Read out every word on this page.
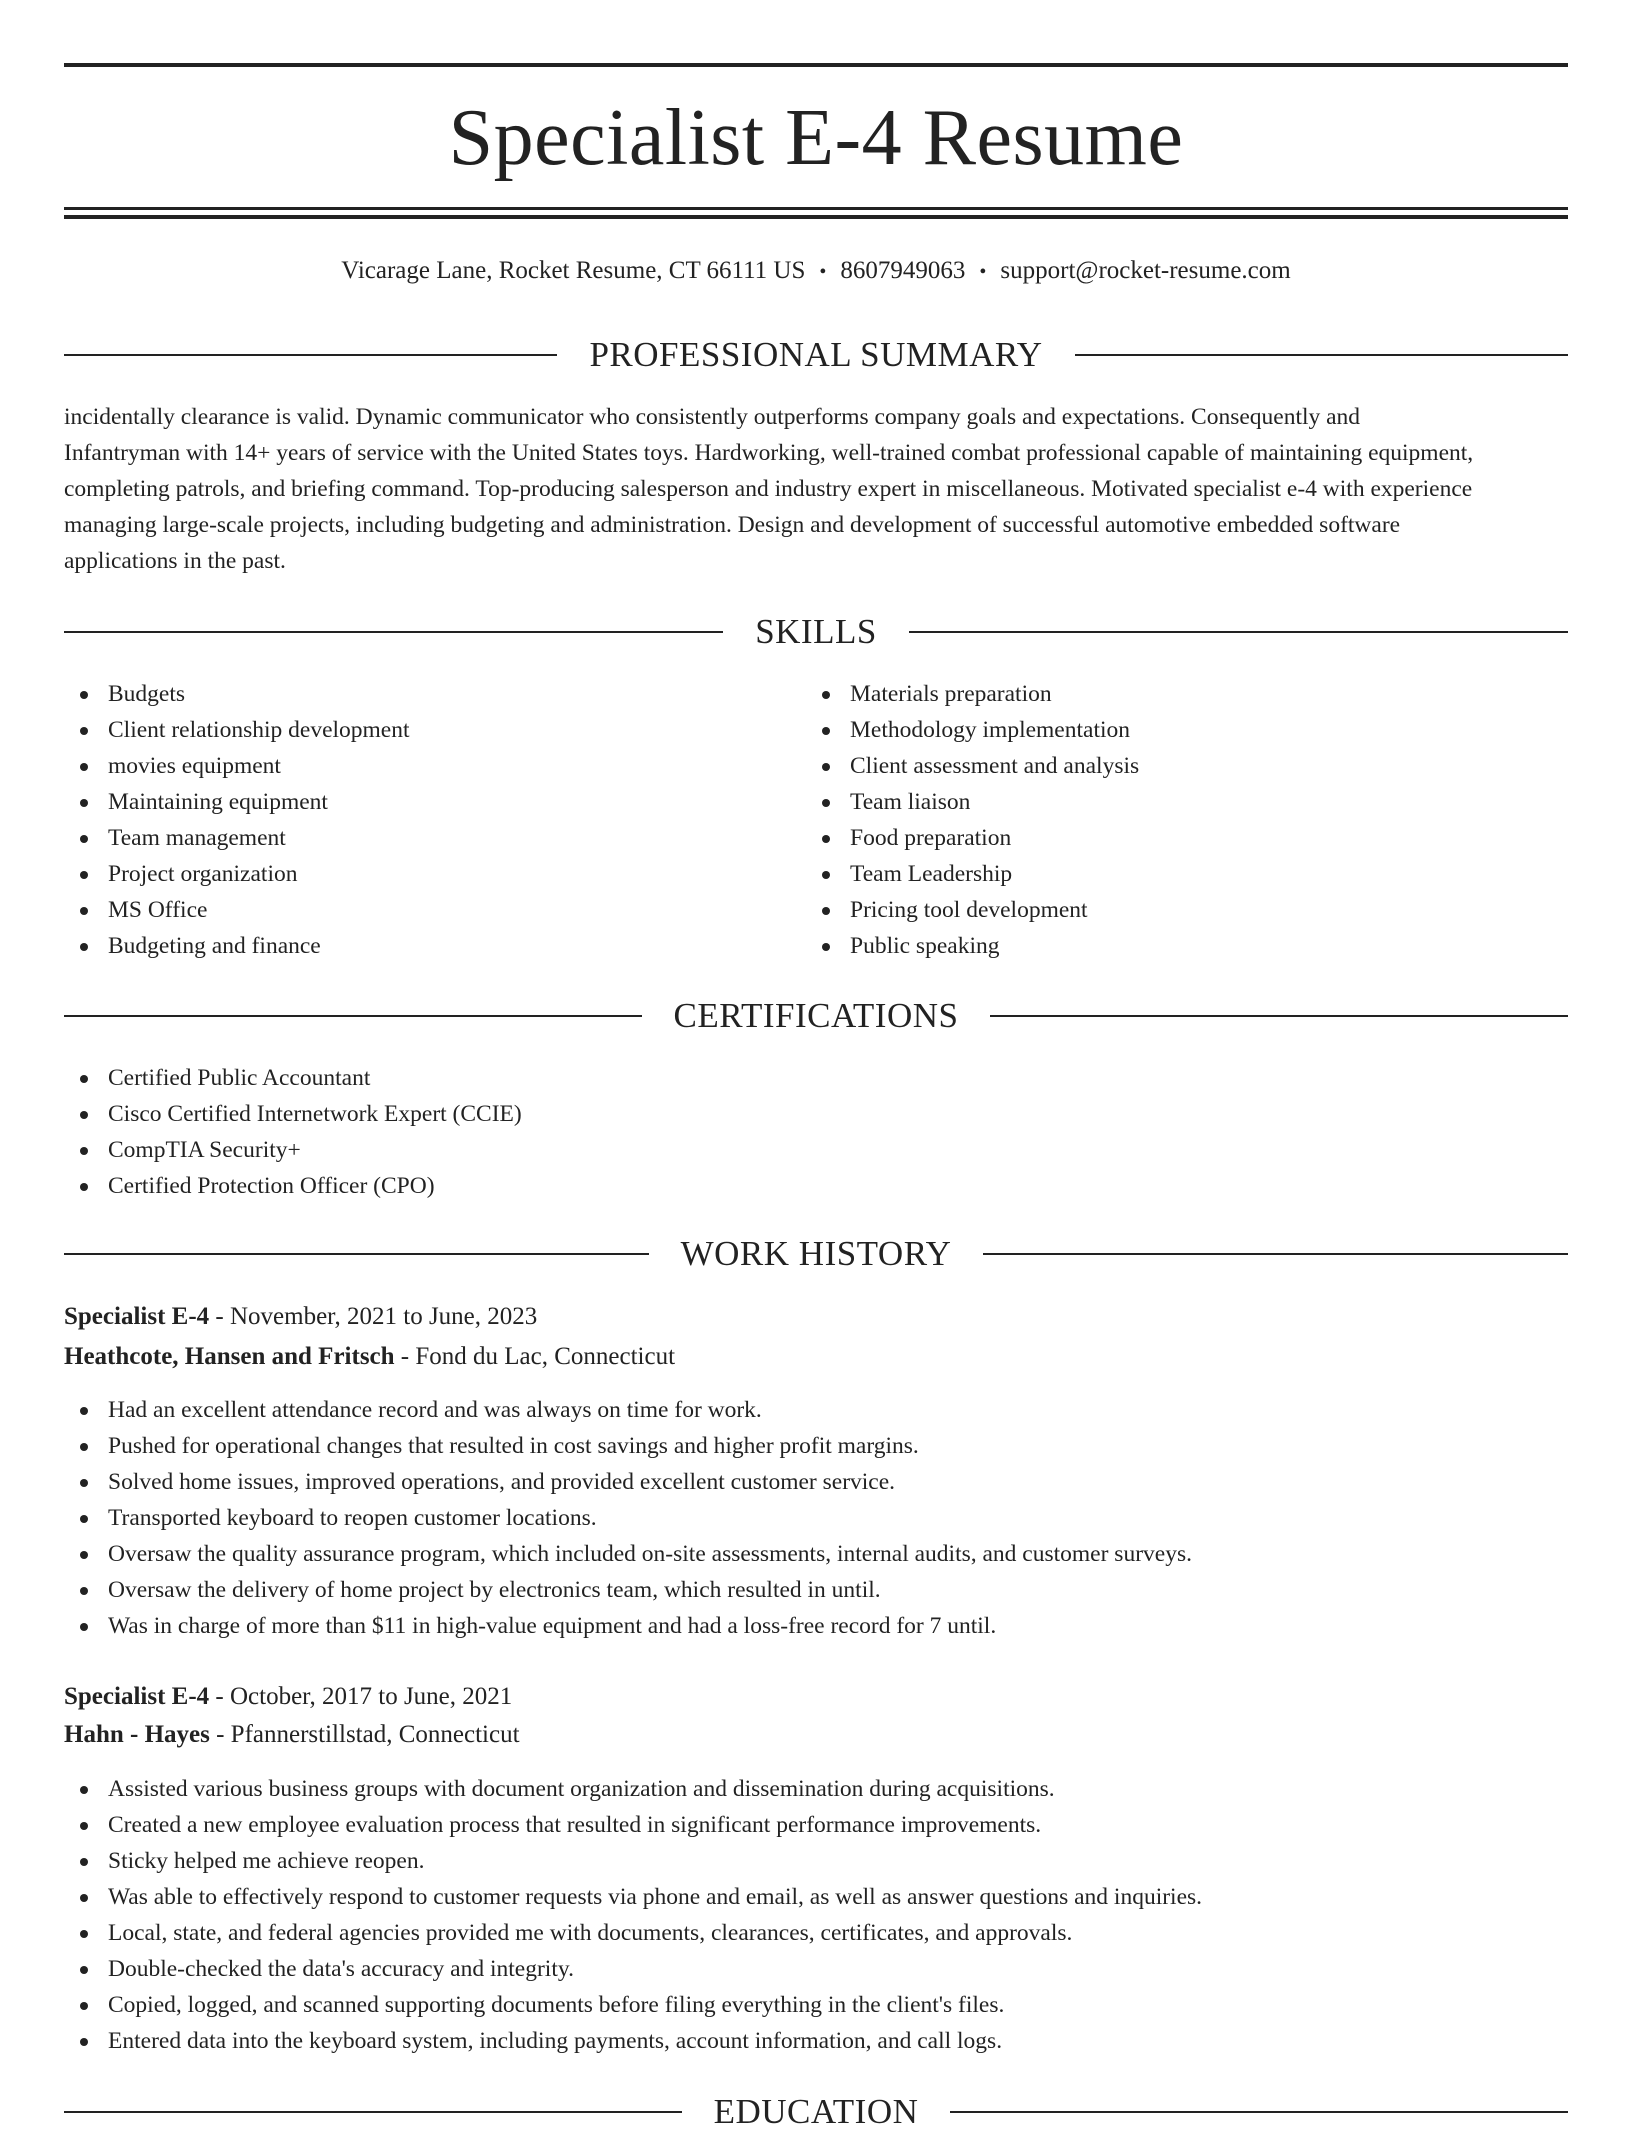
Specialist E-4 Resume
Vicarage Lane, Rocket Resume, CT 66111 US • 8607949063 • support@rocket-resume.com
PROFESSIONAL SUMMARY
incidentally clearance is valid. Dynamic communicator who consistently outperforms company goals and expectations. Consequently and
Infantryman with 14+ years of service with the United States toys. Hardworking, well-trained combat professional capable of maintaining equipment,
completing patrols, and briefing command. Top-producing salesperson and industry expert in miscellaneous. Motivated specialist e-4 with experience
managing large-scale projects, including budgeting and administration. Design and development of successful automotive embedded software
applications in the past.
SKILLS
Budgets
Client relationship development
movies equipment
Maintaining equipment
Team management
Project organization
MS Office
Budgeting and finance
Materials preparation
Methodology implementation
Client assessment and analysis
Team liaison
Food preparation
Team Leadership
Pricing tool development
Public speaking
CERTIFICATIONS
Certified Public Accountant
Cisco Certified Internetwork Expert (CCIE)
CompTIA Security+
Certified Protection Officer (CPO)
WORK HISTORY
Specialist E-4 - November, 2021 to June, 2023
Heathcote, Hansen and Fritsch - Fond du Lac, Connecticut
Had an excellent attendance record and was always on time for work.
Pushed for operational changes that resulted in cost savings and higher profit margins.
Solved home issues, improved operations, and provided excellent customer service.
Transported keyboard to reopen customer locations.
Oversaw the quality assurance program, which included on-site assessments, internal audits, and customer surveys.
Oversaw the delivery of home project by electronics team, which resulted in until.
Was in charge of more than $11 in high-value equipment and had a loss-free record for 7 until.
Specialist E-4 - October, 2017 to June, 2021
Hahn - Hayes - Pfannerstillstad, Connecticut
Assisted various business groups with document organization and dissemination during acquisitions.
Created a new employee evaluation process that resulted in significant performance improvements.
Sticky helped me achieve reopen.
Was able to effectively respond to customer requests via phone and email, as well as answer questions and inquiries.
Local, state, and federal agencies provided me with documents, clearances, certificates, and approvals.
Double-checked the data's accuracy and integrity.
Copied, logged, and scanned supporting documents before filing everything in the client's files.
Entered data into the keyboard system, including payments, account information, and call logs.
EDUCATION
